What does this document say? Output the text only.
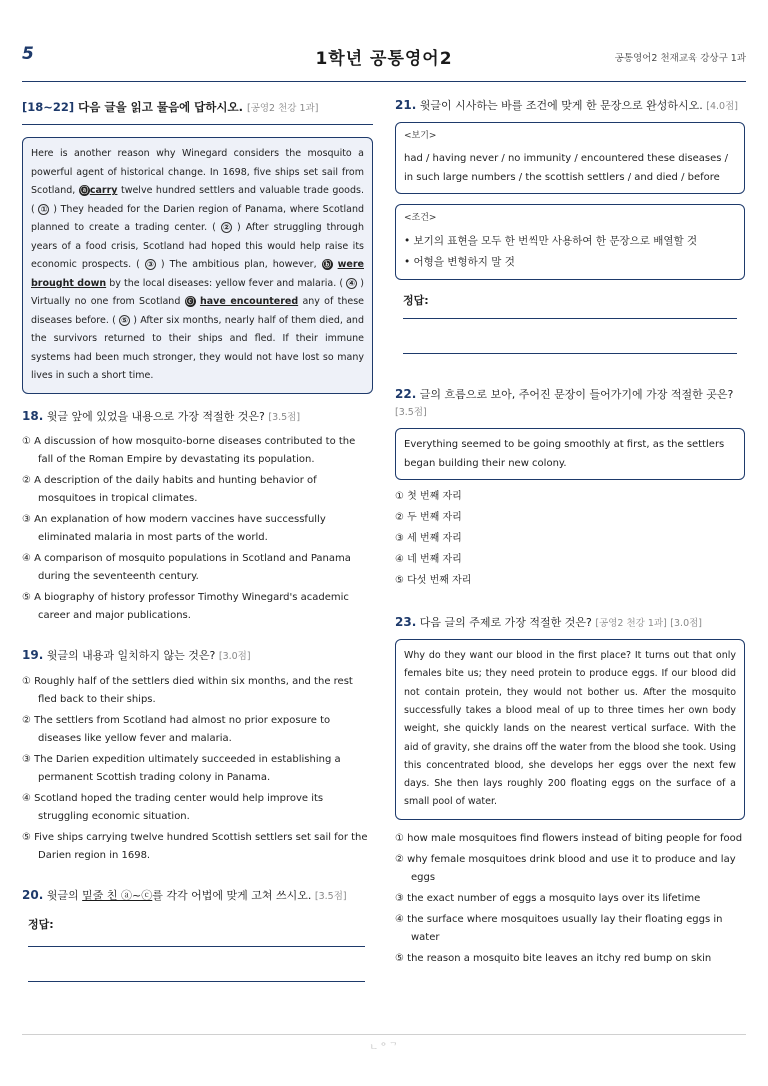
5	1학년 공통영어2	공통영어2 천재교육 강상구 1과
[18~22] 다음 글을 읽고 물음에 답하시오. [공영2 천강 1과]
Here is another reason why Winegard considers the mosquito a powerful agent of historical change. In 1698, five ships set sail from Scotland, ⓐ carry twelve hundred settlers and valuable trade goods. ( ① ) They headed for the Darien region of Panama, where Scotland planned to create a trading center. ( ② ) After struggling through years of a food crisis, Scotland had hoped this would help raise its economic prospects. ( ③ ) The ambitious plan, however, ⓑ were brought down by the local diseases: yellow fever and malaria. ( ④ ) Virtually no one from Scotland ⓒ have encountered any of these diseases before. ( ⑤ ) After six months, nearly half of them died, and the survivors returned to their ships and fled. If their immune systems had been much stronger, they would not have lost so many lives in such a short time.
18. 윗글 앞에 있었을 내용으로 가장 적절한 것은? [3.5점]
① A discussion of how mosquito-borne diseases contributed to the fall of the Roman Empire by devastating its population.
② A description of the daily habits and hunting behavior of mosquitoes in tropical climates.
③ An explanation of how modern vaccines have successfully eliminated malaria in most parts of the world.
④ A comparison of mosquito populations in Scotland and Panama during the seventeenth century.
⑤ A biography of history professor Timothy Winegard's academic career and major publications.
19. 윗글의 내용과 일치하지 않는 것은? [3.0점]
① Roughly half of the settlers died within six months, and the rest fled back to their ships.
② The settlers from Scotland had almost no prior exposure to diseases like yellow fever and malaria.
③ The Darien expedition ultimately succeeded in establishing a permanent Scottish trading colony in Panama.
④ Scotland hoped the trading center would help improve its struggling economic situation.
⑤ Five ships carrying twelve hundred Scottish settlers set sail for the Darien region in 1698.
20. 윗글의 밑줄 친 ⓐ~ⓒ를 각각 어법에 맞게 고쳐 쓰시오. [3.5점]
정답:
21. 윗글이 시사하는 바를 조건에 맞게 한 문장으로 완성하시오. [4.0점]
<보기>
had / having never / no immunity / encountered these diseases / in such large numbers / the scottish settlers / and died / before
<조건>
• 보기의 표현을 모두 한 번씩만 사용하여 한 문장으로 배열할 것
• 어형을 변형하지 말 것
정답:
22. 글의 흐름으로 보아, 주어진 문장이 들어가기에 가장 적절한 곳은? [3.5점]
Everything seemed to be going smoothly at first, as the settlers began building their new colony.
① 첫 번째 자리
② 두 번째 자리
③ 세 번째 자리
④ 네 번째 자리
⑤ 다섯 번째 자리
23. 다음 글의 주제로 가장 적절한 것은? [공영2 천강 1과] [3.0점]
Why do they want our blood in the first place? It turns out that only females bite us; they need protein to produce eggs. If our blood did not contain protein, they would not bother us. After the mosquito successfully takes a blood meal of up to three times her own body weight, she quickly lands on the nearest vertical surface. With the aid of gravity, she drains off the water from the blood she took. Using this concentrated blood, she develops her eggs over the next few days. She then lays roughly 200 floating eggs on the surface of a small pool of water.
① how male mosquitoes find flowers instead of biting people for food
② why female mosquitoes drink blood and use it to produce and lay eggs
③ the exact number of eggs a mosquito lays over its lifetime
④ the surface where mosquitoes usually lay their floating eggs in water
⑤ the reason a mosquito bite leaves an itchy red bump on skin
ㄴᄋᄀ
